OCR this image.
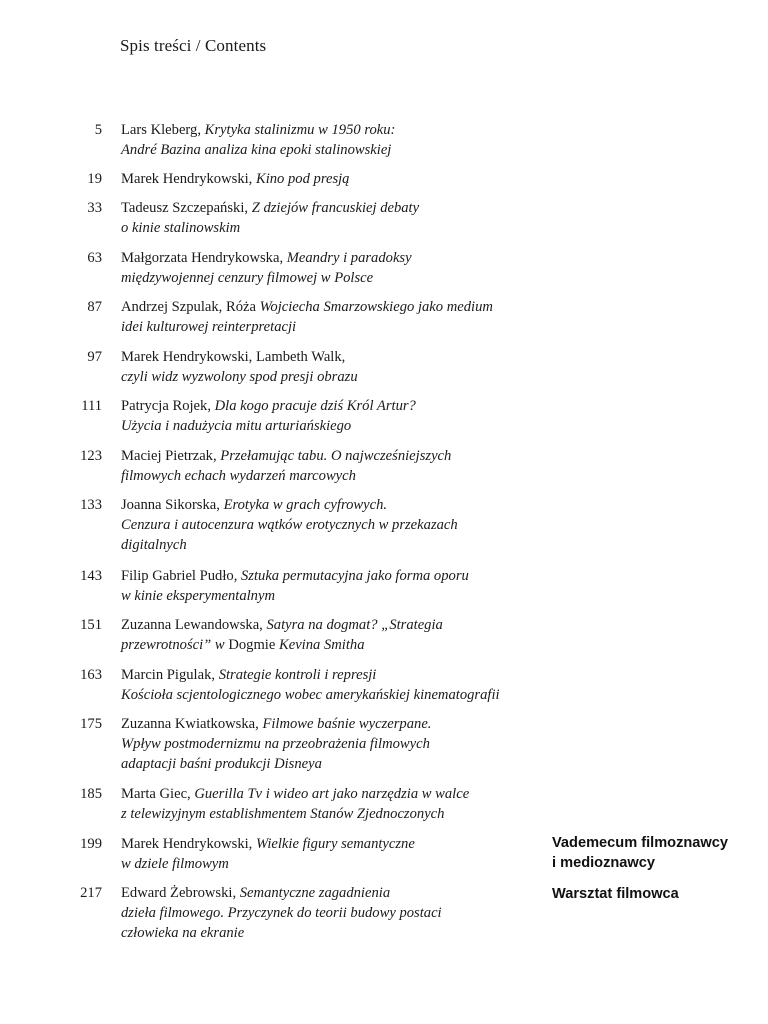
Spis treści / Contents
5 Lars Kleberg, Krytyka stalinizmu w 1950 roku:
André Bazina analiza kina epoki stalinowskiej
19 Marek Hendrykowski, Kino pod presją
33 Tadeusz Szczepański, Z dziejów francuskiej debaty
o kinie stalinowskim
63 Małgorzata Hendrykowska, Meandry i paradoksy
międzywojennej cenzury filmowej w Polsce
87 Andrzej Szpulak, Róża Wojciecha Smarzowskiego jako medium
idei kulturowej reinterpretacji
97 Marek Hendrykowski, Lambeth Walk,
czyli widz wyzwolony spod presji obrazu
111 Patrycja Rojek, Dla kogo pracuje dziś Król Artur?
Użycia i nadużycia mitu arturiańskiego
123 Maciej Pietrzak, Przełamując tabu. O najwcześniejszych
filmowych echach wydarzeń marcowych
133 Joanna Sikorska, Erotyka w grach cyfrowych.
Cenzura i autocenzura wątków erotycznych w przekazach
digitalnych
143 Filip Gabriel Pudło, Sztuka permutacyjna jako forma oporu
w kinie eksperymentalnym
151 Zuzanna Lewandowska, Satyra na dogmat? „Strategia
przewrotności” w Dogmie Kevina Smitha
163 Marcin Pigulak, Strategie kontroli i represji
Kościoła scjentologicznego wobec amerykańskiej kinematografii
175 Zuzanna Kwiatkowska, Filmowe baśnie wyczerpane.
Wpływ postmodernizmu na przeobrażenia filmowych
adaptacji baśni produkcji Disneya
185 Marta Giec, Guerilla Tv i wideo art jako narzędzia w walce
z telewizyjnym establishmentem Stanów Zjednoczonych
199 Marek Hendrykowski, Wielkie figury semantyczne
w dziele filmowym
217 Edward Żebrowski, Semantyczne zagadnienia
dzieła filmowego. Przyczynek do teorii budowy postaci
człowieka na ekranie
Vademecum filmoznawcy
i medioznawcy
Warsztat filmowca
